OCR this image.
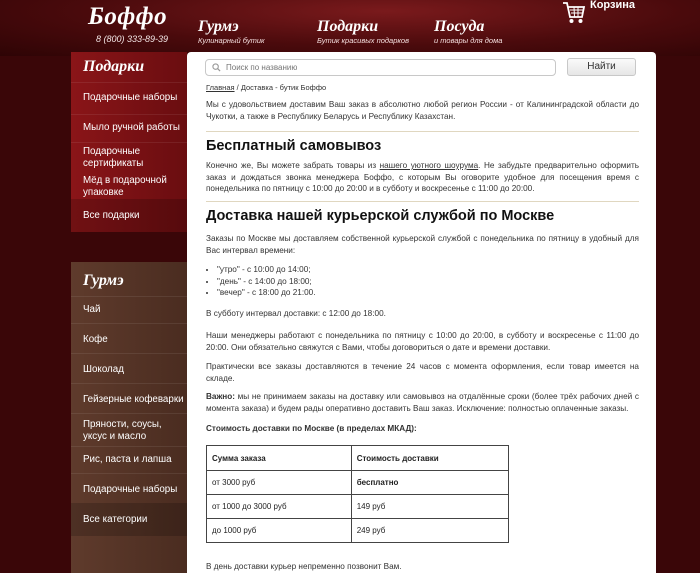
Боффо
8 (800) 333-89-39
Гурмэ
Кулинарный бутик
Подарки
Бутик красивых подарков
Посуда
и товары для дома
Корзина
Подарки
Подарочные наборы
Мыло ручной работы
Подарочные сертификаты
Мёд в подарочной упаковке
Все подарки
Гурмэ
Чай
Кофе
Шоколад
Гейзерные кофеварки
Пряности, соусы, уксус и масло
Рис, паста и лапша
Подарочные наборы
Все категории
Поиск по названию
Найти
Главная / Доставка - бутик Боффо
Мы с удовольствием доставим Ваш заказ в абсолютно любой регион России - от Калининградской области до Чукотки, а также в Республику Беларусь и Республику Казахстан.
Бесплатный самовывоз
Конечно же, Вы можете забрать товары из нашего уютного шоурума. Не забудьте предварительно оформить заказ и дождаться звонка менеджера Боффо, с которым Вы оговорите удобное для посещения время с понедельника по пятницу с 10:00 до 20:00 и в субботу и воскресенье с 11:00 до 20:00.
Доставка нашей курьерской службой по Москве
Заказы по Москве мы доставляем собственной курьерской службой с понедельника по пятницу в удобный для Вас интервал времени:
• "утро" - с 10:00 до 14:00;
• "день" - с 14:00 до 18:00;
• "вечер" - с 18:00 до 21:00.
В субботу интервал доставки: с 12:00 до 18:00.
Наши менеджеры работают с понедельника по пятницу с 10:00 до 20:00, в субботу и воскресенье с 11:00 до 20:00. Они обязательно свяжутся с Вами, чтобы договориться о дате и времени доставки.
Практически все заказы доставляются в течение 24 часов с момента оформления, если товар имеется на складе.
Важно: мы не принимаем заказы на доставку или самовывоз на отдалённые сроки (более трёх рабочих дней с момента заказа) и будем рады оперативно доставить Ваш заказ. Исключение: полностью оплаченные заказы.
Стоимость доставки по Москве (в пределах МКАД):
Сумма заказа	Стоимость доставки
от 3000 руб	бесплатно
от 1000 до 3000 руб	149 руб
до 1000 руб	249 руб
В день доставки курьер непременно позвонит Вам.
